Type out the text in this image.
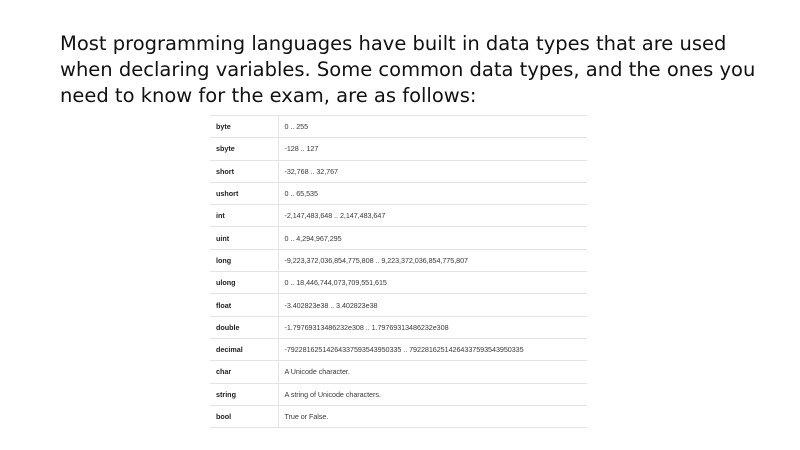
Most programming languages have built in data types that are used when declaring variables. Some common data types, and the ones you need to know for the exam, are as follows:

byte	0 .. 255
sbyte	-128 .. 127
short	-32,768 .. 32,767
ushort	0 .. 65,535
int	-2,147,483,648 .. 2,147,483,647
uint	0 .. 4,294,967,295
long	-9,223,372,036,854,775,808 .. 9,223,372,036,854,775,807
ulong	0 .. 18,446,744,073,709,551,615
float	-3.402823e38 .. 3.402823e38
double	-1.79769313486232e308 .. 1.79769313486232e308
decimal	-79228162514264337593543950335 .. 79228162514264337593543950335
char	A Unicode character.
string	A string of Unicode characters.
bool	True or False.
